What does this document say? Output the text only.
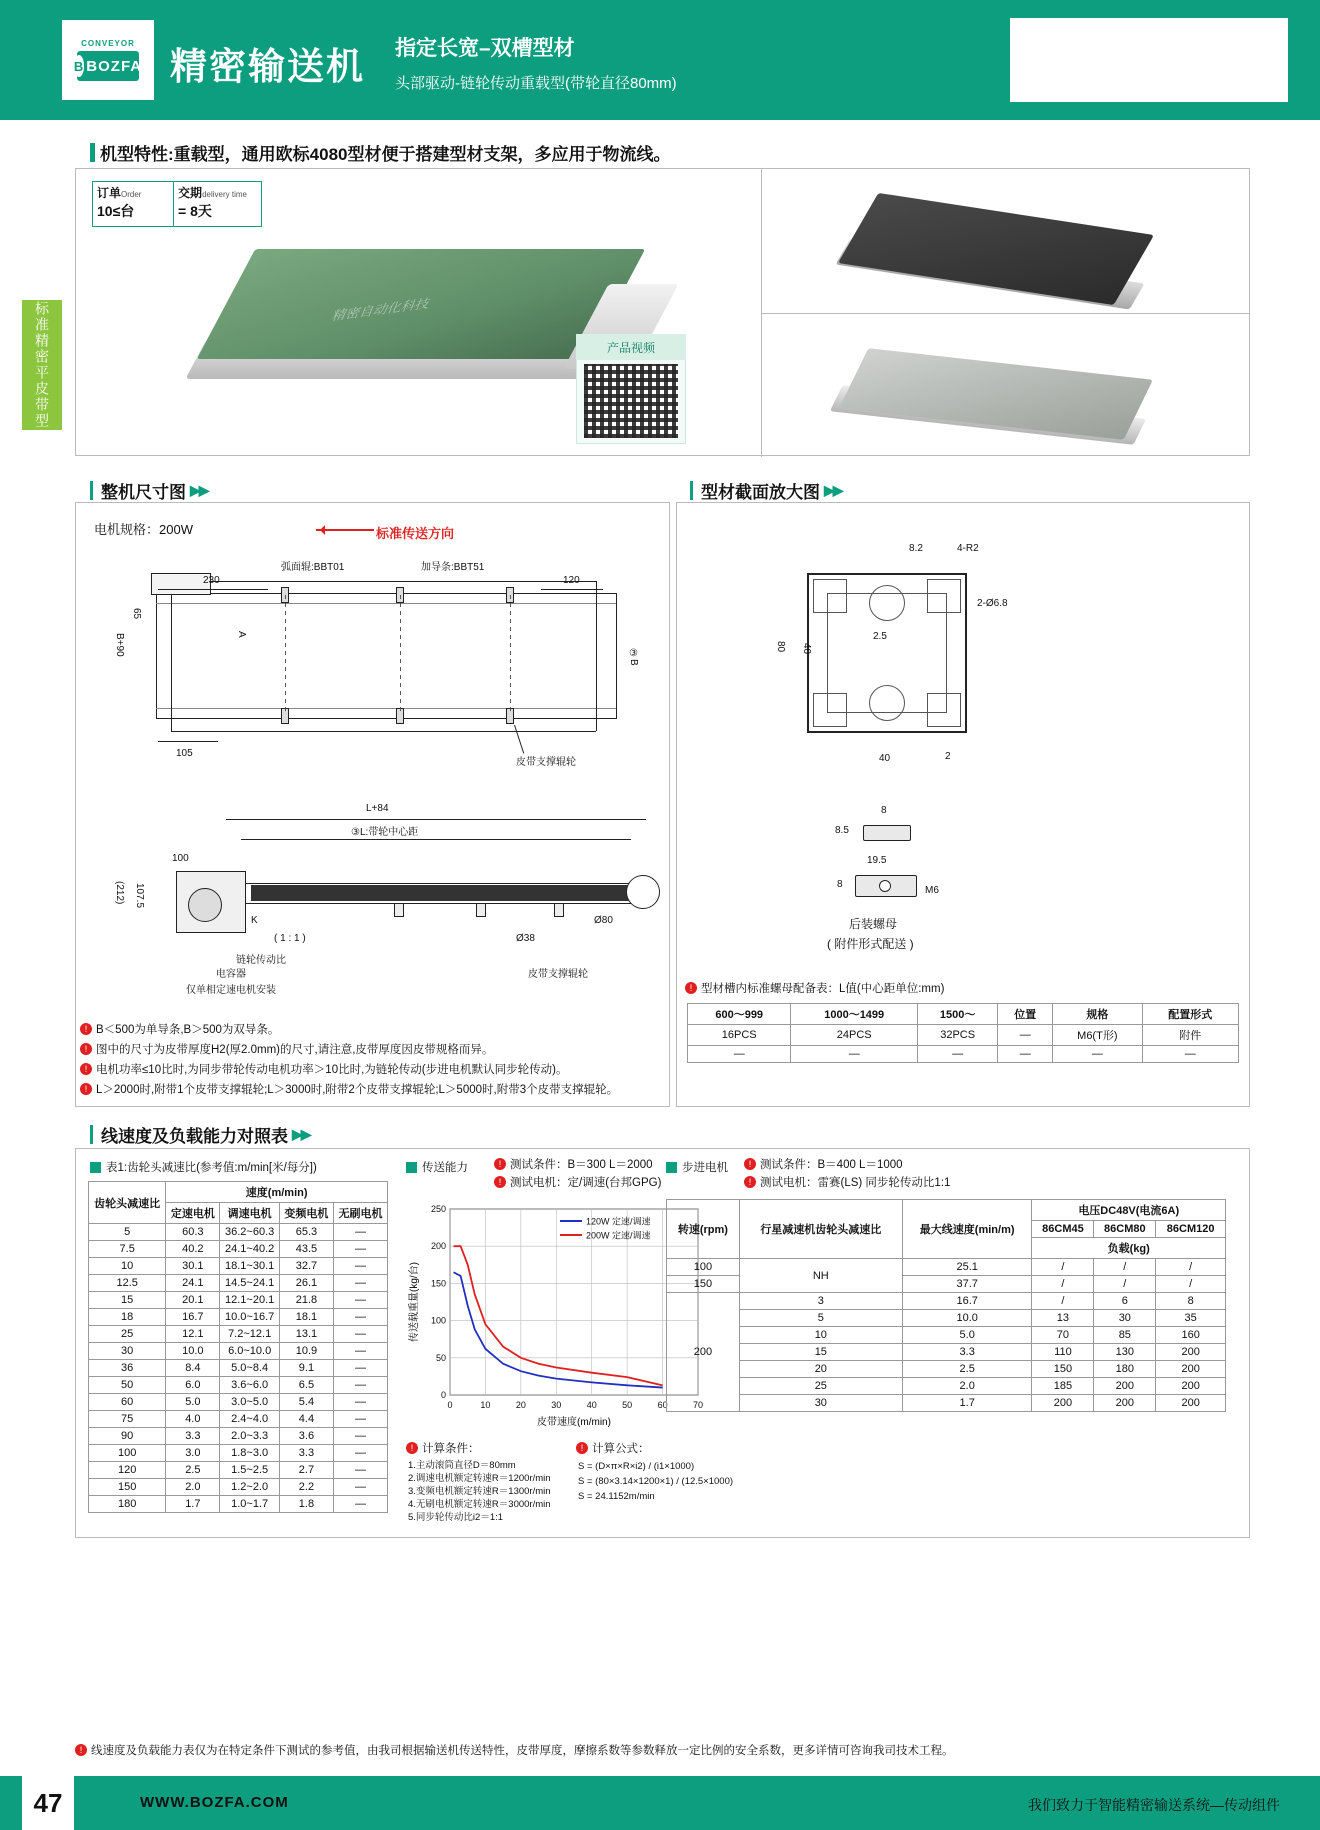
CONVEYOR
B BOZFA 精密输送机 指定长宽–双槽型材
头部驱动-链轮传动重载型(带轮直径80mm)
标准精密平皮带型
机型特性:重载型，通用欧标4080型材便于搭建型材支架，多应用于物流线。
订单Order
10≤台
交期delivery time
= 8天
精密自动化科技
产品视频
整机尺寸图 ▶▶
电机规格：200W	标准传送方向
230
65
B+90	A
105
120
③B
弧面辊:BBT01	加导条:BBT51
皮带支撑辊轮
L+84
③L:带轮中心距
100
(212) 107.5
K
( 1 : 1 )
链轮传动比
电容器
仅单相定速电机安装
Ø38
Ø80
皮带支撑辊轮
! B＜500为单导条,B＞500为双导条。
! 图中的尺寸为皮带厚度H2(厚2.0mm)的尺寸,请注意,皮带厚度因皮带规格而异。
! 电机功率≤10比时,为同步带轮传动电机功率＞10比时,为链轮传动(步进电机默认同步轮传动)。
! L＞2000时,附带1个皮带支撑辊轮;L＞3000时,附带2个皮带支撑辊轮;L＞5000时,附带3个皮带支撑辊轮。
型材截面放大图 ▶▶
8.2	4-R2
2-Ø6.8
2.5
80 40
40	2
8
8.5
19.5
8
M6
后装螺母
( 附件形式配送 )
! 型材槽内标准螺母配备表：L值(中心距单位:mm)
600～999	1000～1499	1500～	位置	规格	配置形式
16PCS	24PCS	32PCS	—	M6(T形)	附件
—	—	—	—	—	—
线速度及负载能力对照表 ▶▶
表1:齿轮头减速比(参考值:m/min[米/每分])
齿轮头减速比	速度(m/min)			
	定速电机	调速电机	变频电机	无刷电机
5	60.3	36.2~60.3	65.3	—
7.5	40.2	24.1~40.2	43.5	—
10	30.1	18.1~30.1	32.7	—
12.5	24.1	14.5~24.1	26.1	—
15	20.1	12.1~20.1	21.8	—
18	16.7	10.0~16.7	18.1	—
25	12.1	7.2~12.1	13.1	—
30	10.0	6.0~10.0	10.9	—
36	8.4	5.0~8.4	9.1	—
50	6.0	3.6~6.0	6.5	—
60	5.0	3.0~5.0	5.4	—
75	4.0	2.4~4.0	4.4	—
90	3.3	2.0~3.3	3.6	—
100	3.0	1.8~3.0	3.3	—
120	2.5	1.5~2.5	2.7	—
150	2.0	1.2~2.0	2.2	—
180	1.7	1.0~1.7	1.8	—
传送能力	! 测试条件：B＝300 L＝2000
! 测试电机：定/调速(台邦GPG)
0	10	20	30	40	50	60	70
0
50
100
150
200
250
120W 定速/调速
200W 定速/调速
皮带速度(m/min)
传送载重量(kg/台)
! 计算条件：
1.主动滚筒直径D＝80mm
2.调速电机额定转速R＝1200r/min
3.变频电机额定转速R＝1300r/min
4.无刷电机额定转速R＝3000r/min
5.同步轮传动比i2＝1:1
! 计算公式：
S = (D×π×R×i2) / (i1×1000)
S = (80×3.14×1200×1) / (12.5×1000)
S = 24.1152m/min
步进电机	! 测试条件：B＝400 L＝1000
! 测试电机：雷赛(LS) 同步轮传动比1:1
转速(rpm)	行星减速机齿轮头减速比	最大线速度(min/m)	电压DC48V(电流6A)		
			86CM45	86CM80	86CM120
			负载(kg)		
100	NH	25.1	/	/	/
150		37.7	/	/	/
200	3	16.7	/	6	8
	5	10.0	13	30	35
	10	5.0	70	85	160
	15	3.3	110	130	200
	20	2.5	150	180	200
	25	2.0	185	200	200
	30	1.7	200	200	200
! 线速度及负载能力表仅为在特定条件下测试的参考值，由我司根据输送机传送特性，皮带厚度，摩擦系数等参数释放一定比例的安全系数，更多详情可咨询我司技术工程。
47	WWW.BOZFA.COM	我们致力于智能精密输送系统—传动组件
